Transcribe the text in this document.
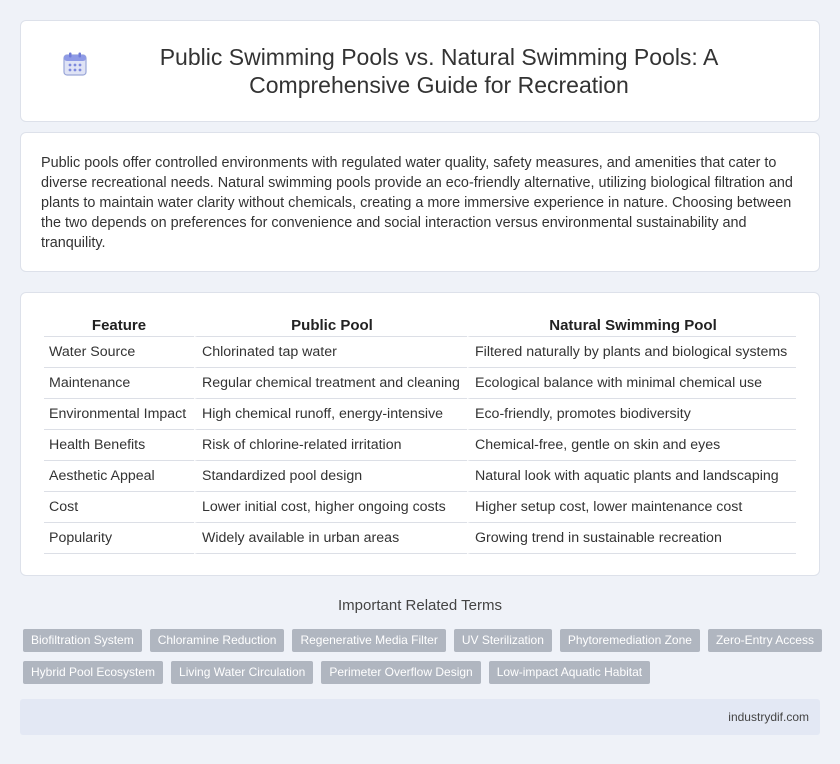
Public Swimming Pools vs. Natural Swimming Pools: A Comprehensive Guide for Recreation

Public pools offer controlled environments with regulated water quality, safety measures, and amenities that cater to diverse recreational needs. Natural swimming pools provide an eco-friendly alternative, utilizing biological filtration and plants to maintain water clarity without chemicals, creating a more immersive experience in nature. Choosing between the two depends on preferences for convenience and social interaction versus environmental sustainability and tranquility.

Feature	Public Pool	Natural Swimming Pool
Water Source	Chlorinated tap water	Filtered naturally by plants and biological systems
Maintenance	Regular chemical treatment and cleaning	Ecological balance with minimal chemical use
Environmental Impact	High chemical runoff, energy-intensive	Eco-friendly, promotes biodiversity
Health Benefits	Risk of chlorine-related irritation	Chemical-free, gentle on skin and eyes
Aesthetic Appeal	Standardized pool design	Natural look with aquatic plants and landscaping
Cost	Lower initial cost, higher ongoing costs	Higher setup cost, lower maintenance cost
Popularity	Widely available in urban areas	Growing trend in sustainable recreation
Important Related Terms
Biofiltration System	Chloramine Reduction	Regenerative Media Filter	UV Sterilization	Phytoremediation Zone	Zero-Entry Access
Hybrid Pool Ecosystem	Living Water Circulation	Perimeter Overflow Design	Low-impact Aquatic Habitat
industrydif.com
